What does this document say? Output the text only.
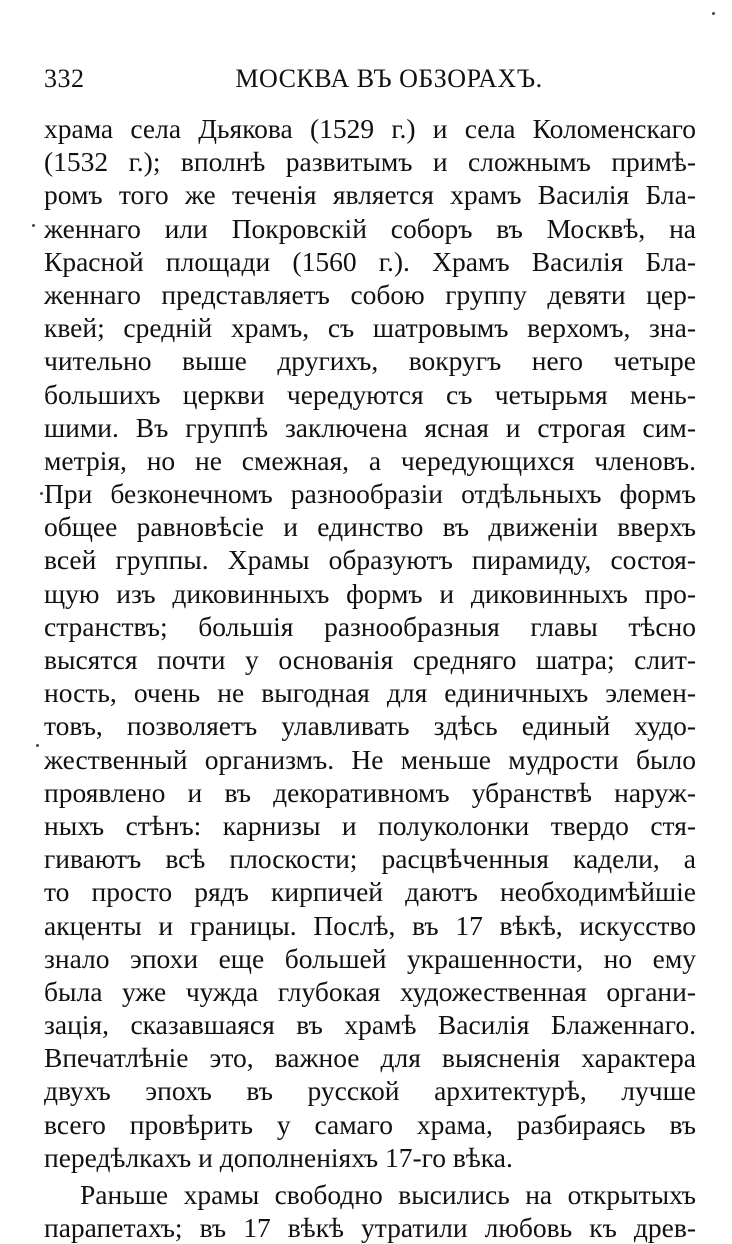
332	МОСКВА ВЪ ОБЗОРАХЪ.
храма села Дьякова (1529 г.) и села Коломенскаго
(1532 г.); вполнѣ развитымъ и сложнымъ примѣ-
ромъ того же теченія является храмъ Василія Бла-
женнаго или Покровскій соборъ въ Москвѣ, на
Красной площади (1560 г.). Храмъ Василія Бла-
женнаго представляетъ собою группу девяти цер-
квей; средній храмъ, съ шатровымъ верхомъ, зна-
чительно выше другихъ, вокругъ него четыре
большихъ церкви чередуются съ четырьмя мень-
шими. Въ группѣ заключена ясная и строгая сим-
метрія, но не смежная, а чередующихся членовъ.
При безконечномъ разнообразіи отдѣльныхъ формъ
общее равновѣсіе и единство въ движеніи вверхъ
всей группы. Храмы образуютъ пирамиду, состоя-
щую изъ диковинныхъ формъ и диковинныхъ про-
странствъ; большія разнообразныя главы тѣсно
высятся почти у основанія средняго шатра; слит-
ность, очень не выгодная для единичныхъ элемен-
товъ, позволяетъ улавливать здѣсь единый худо-
жественный организмъ. Не меньше мудрости было
проявлено и въ декоративномъ убранствѣ наруж-
ныхъ стѣнъ: карнизы и полуколонки твердо стя-
гиваютъ всѣ плоскости; расцвѣченныя кадели, а
то просто рядъ кирпичей даютъ необходимѣйшіе
акценты и границы. Послѣ, въ 17 вѣкѣ, искусство
знало эпохи еще большей украшенности, но ему
была уже чужда глубокая художественная органи-
зація, сказавшаяся въ храмѣ Василія Блаженнаго.
Впечатлѣніе это, важное для выясненія характера
двухъ эпохъ въ русской архитектурѣ, лучше
всего провѣрить у самаго храма, разбираясь въ
передѣлкахъ и дополненіяхъ 17-го вѣка.
Раньше храмы свободно высились на открытыхъ
парапетахъ; въ 17 вѣкѣ утратили любовь къ древ-
